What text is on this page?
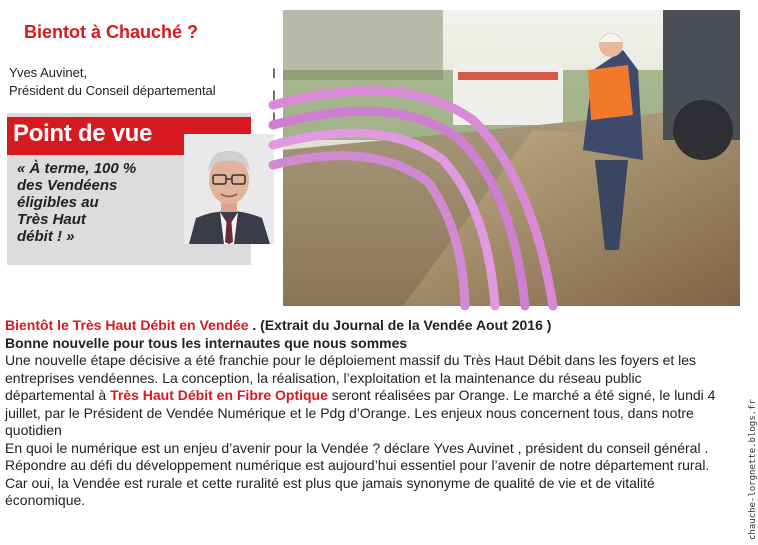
Bientot à Chauché ?
Yves Auvinet,
Président du Conseil départemental
Point de vue
« À terme, 100 %
des Vendéens
éligibles au
Très Haut
débit ! »
I
I
I

Bientôt le Très Haut Débit en Vendée . (Extrait du Journal de la Vendée Aout 2016 )

Bonne nouvelle pour tous les internautes que nous sommes

Une nouvelle étape décisive a été franchie pour le déploiement massif du Très Haut Débit dans les foyers et les entreprises vendéennes. La conception, la réalisation, l’exploitation et la maintenance du réseau public départemental à Très Haut Débit en Fibre Optique seront réalisées par Orange. Le marché a été signé, le lundi 4 juillet, par le Président de Vendée Numérique et le Pdg d’Orange. Les enjeux nous concernent tous, dans notre quotidien

En quoi le numérique est un enjeu d’avenir pour la Vendée ? déclare Yves Auvinet , président du conseil général . Répondre au défi du développement numérique est aujourd’hui essentiel pour l’avenir de notre département rural. Car oui, la Vendée est rurale et cette ruralité est plus que jamais synonyme de qualité de vie et de vitalité économique.	chauche-lorgnette.blogs.fr
